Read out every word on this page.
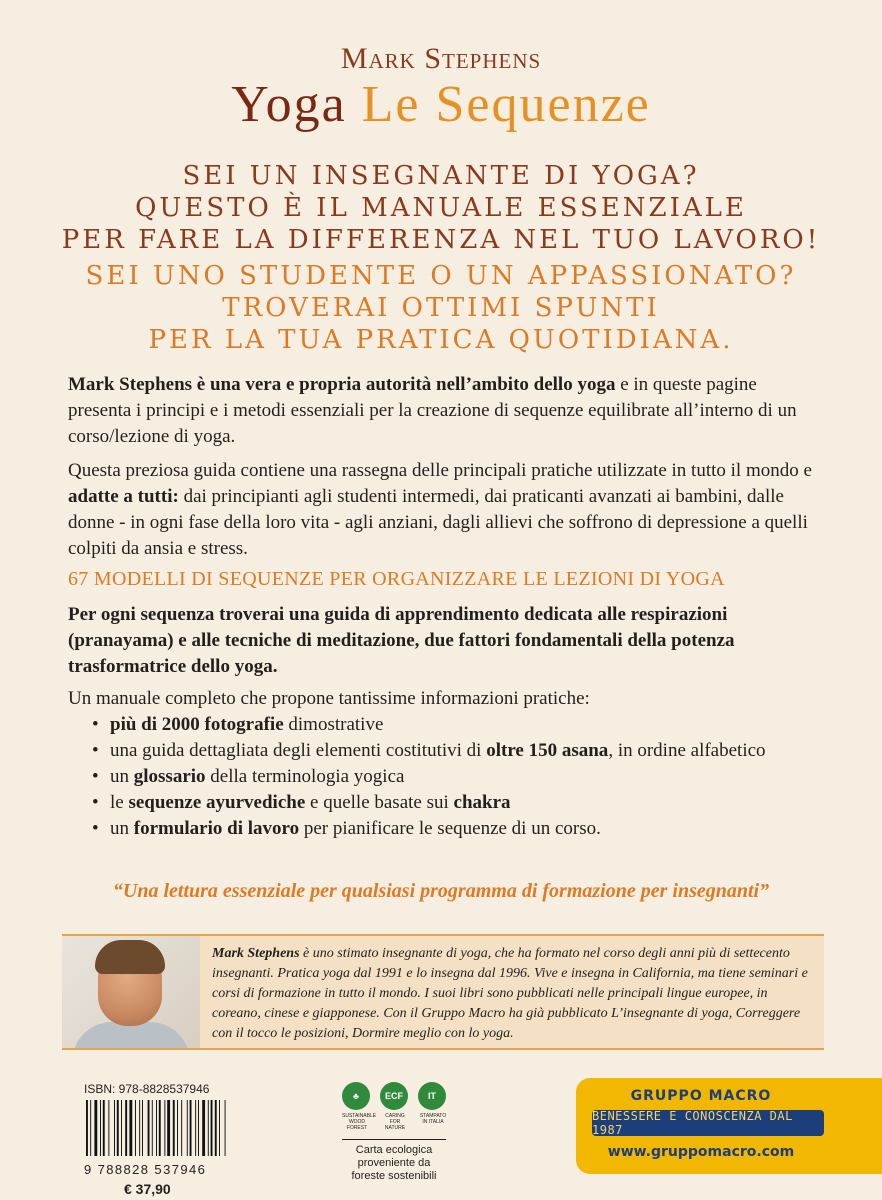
Mark Stephens
Yoga Le Sequenze
SEI UN INSEGNANTE DI YOGA?
QUESTO È IL MANUALE ESSENZIALE
PER FARE LA DIFFERENZA NEL TUO LAVORO!
SEI UNO STUDENTE O UN APPASSIONATO?
TROVERAI OTTIMI SPUNTI
PER LA TUA PRATICA QUOTIDIANA.

Mark Stephens è una vera e propria autorità nell’ambito dello yoga e in queste pagine presenta i principi e i metodi essenziali per la creazione di sequenze equilibrate all’interno di un corso/lezione di yoga.

Questa preziosa guida contiene una rassegna delle principali pratiche utilizzate in tutto il mondo e adatte a tutti: dai principianti agli studenti intermedi, dai praticanti avanzati ai bambini, dalle donne - in ogni fase della loro vita - agli anziani, dagli allievi che soffrono di depressione a quelli colpiti da ansia e stress.

67 MODELLI DI SEQUENZE PER ORGANIZZARE LE LEZIONI DI YOGA

Per ogni sequenza troverai una guida di apprendimento dedicata alle respirazioni (pranayama) e alle tecniche di meditazione, due fattori fondamentali della potenza trasformatrice dello yoga.

Un manuale completo che propone tantissime informazioni pratiche:

• più di 2000 fotografie dimostrative
• una guida dettagliata degli elementi costitutivi di oltre 150 asana, in ordine alfabetico
• un glossario della terminologia yogica
• le sequenze ayurvediche e quelle basate sui chakra
• un formulario di lavoro per pianificare le sequenze di un corso.
“Una lettura essenziale per qualsiasi programma di formazione per insegnanti”

Mark Stephens è uno stimato insegnante di yoga, che ha formato nel corso degli anni più di settecento insegnanti. Pratica yoga dal 1991 e lo insegna dal 1996. Vive e insegna in California, ma tiene seminari e corsi di formazione in tutto il mondo. I suoi libri sono pubblicati nelle principali lingue europee, in coreano, cinese e giapponese. Con il Gruppo Macro ha già pubblicato L’insegnante di yoga, Correggere con il tocco le posizioni, Dormire meglio con lo yoga.

ISBN: 978-8828537946
9 788828 537946
€ 37,90
♣
SUSTAINABLE WOOD FOREST
ECF
CARING FOR NATURE
IT
STAMPATO IN ITALIA
Carta ecologica proveniente da foreste sostenibili
GRUPPO MACRO
BENESSERE E CONOSCENZA DAL 1987
www.gruppomacro.com
